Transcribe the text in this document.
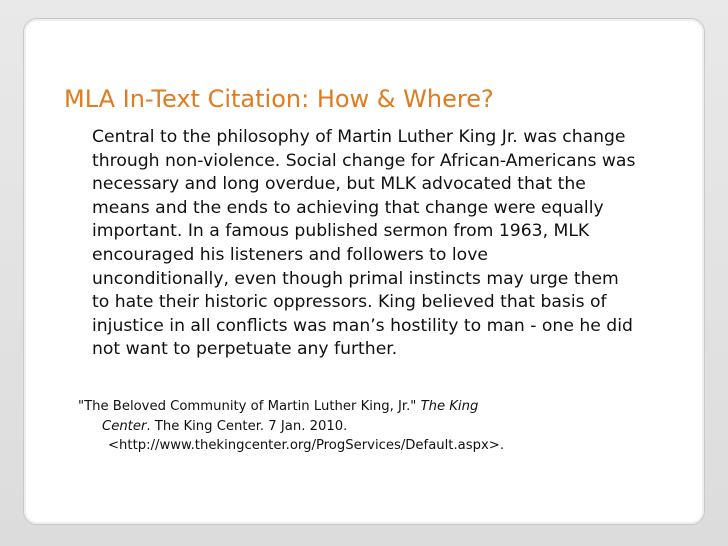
MLA In-Text Citation: How & Where?

Central to the philosophy of Martin Luther King Jr. was change
through non-violence. Social change for African-Americans was
necessary and long overdue, but MLK advocated that the
means and the ends to achieving that change were equally
important. In a famous published sermon from 1963, MLK
encouraged his listeners and followers to love
unconditionally, even though primal instincts may urge them
to hate their historic oppressors. King believed that basis of
injustice in all conflicts was man’s hostility to man - one he did
not want to perpetuate any further.

"The Beloved Community of Martin Luther King, Jr." The King
Center. The King Center. 7 Jan. 2010.
<http://www.thekingcenter.org/ProgServices/Default.aspx>.
